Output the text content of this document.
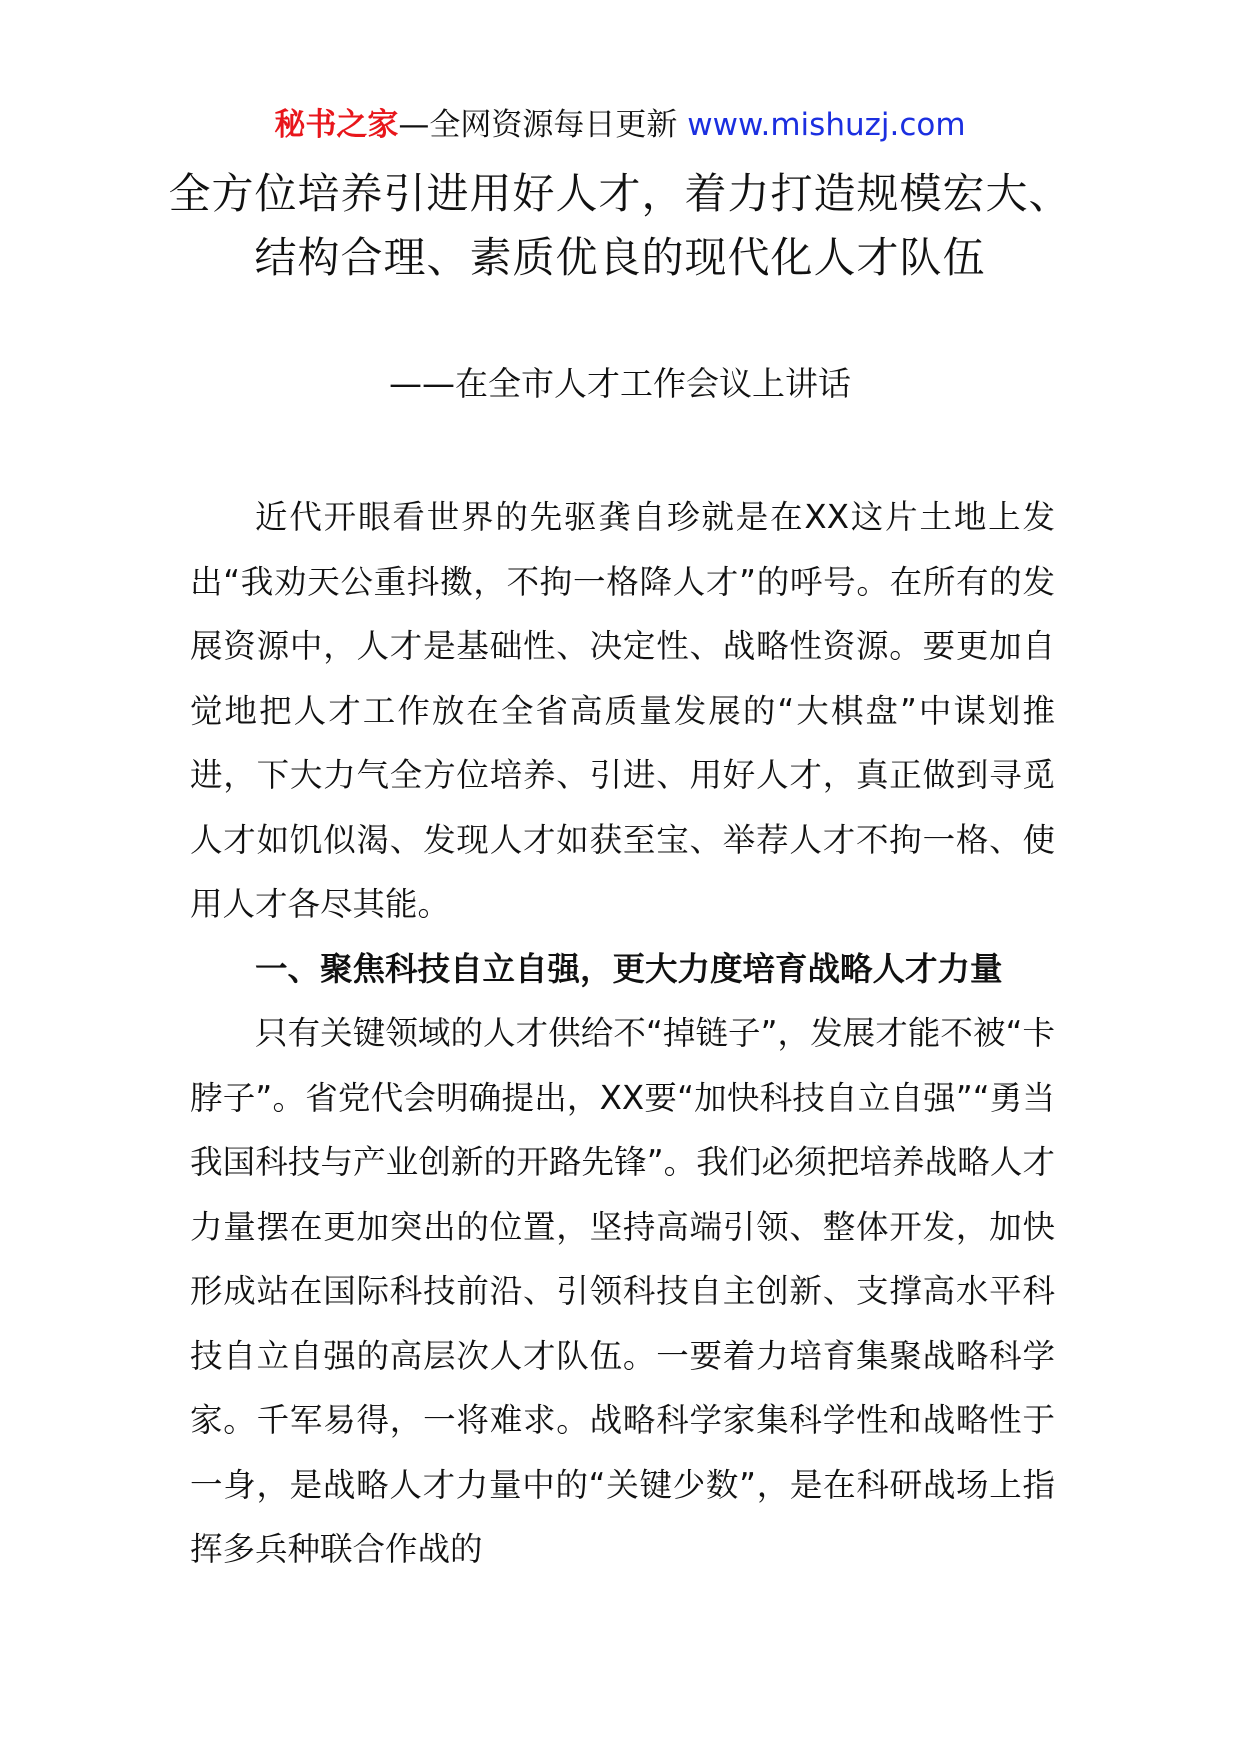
秘书之家—全网资源每日更新 www.mishuzj.com
全方位培养引进用好人才，着力打造规模宏大、结构合理、素质优良的现代化人才队伍
——在全市人才工作会议上讲话

近代开眼看世界的先驱龚自珍就是在XX这片土地上发出“我劝天公重抖擞，不拘一格降人才”的呼号。在所有的发展资源中，人才是基础性、决定性、战略性资源。要更加自觉地把人才工作放在全省高质量发展的“大棋盘”中谋划推进，下大力气全方位培养、引进、用好人才，真正做到寻觅人才如饥似渴、发现人才如获至宝、举荐人才不拘一格、使用人才各尽其能。

一、聚焦科技自立自强，更大力度培育战略人才力量

只有关键领域的人才供给不“掉链子”，发展才能不被“卡脖子”。省党代会明确提出，XX要“加快科技自立自强”“勇当我国科技与产业创新的开路先锋”。我们必须把培养战略人才力量摆在更加突出的位置，坚持高端引领、整体开发，加快形成站在国际科技前沿、引领科技自主创新、支撑高水平科技自立自强的高层次人才队伍。一要着力培育集聚战略科学家。千军易得，一将难求。战略科学家集科学性和战略性于一身，是战略人才力量中的“关键少数”，是在科研战场上指挥多兵种联合作战的
